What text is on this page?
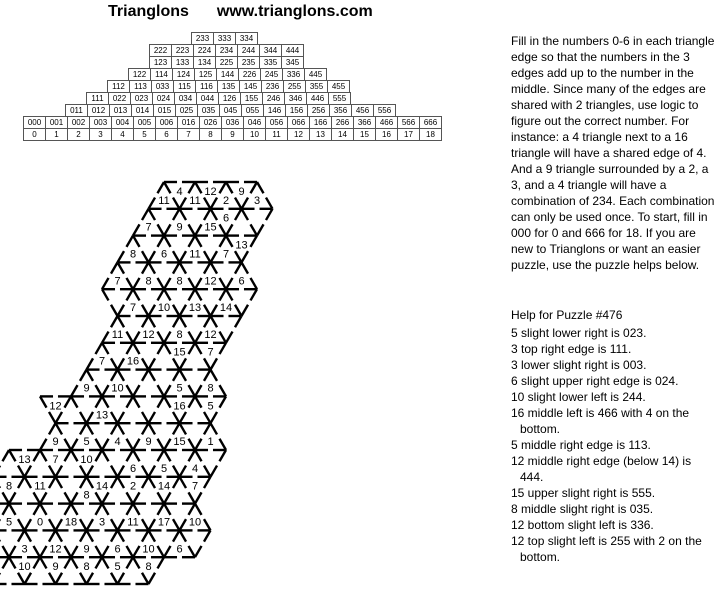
Trianglons www.trianglons.com
233	333	334
222	223	224	234	244	344	444
123	133	134	225	235	335	345
122	114	124	125	144	226	245	336	445
112	113	033	115	116	135	145	236	255	355	455
111	022	023	024	034	044	126	155	246	346	446	555
011	012	013	014	015	025	035	045	055	146	156	256	356	456	556
000	001	002	003	004	005	006	016	026	036	046	056	066	166	266	366	466	566	666
0	1	2	3	4	5	6	7	8	9	10	11	12	13	14	15	16	17	18
Fill in the numbers 0-6 in each triangle edge so that the numbers in the 3 edges add up to the number in the middle. Since many of the edges are shared with 2 triangles, use logic to figure out the correct number. For instance: a 4 triangle next to a 16 triangle will have a shared edge of 4. And a 9 triangle surrounded by a 2, a 3, and a 4 triangle will have a combination of 234. Each combination can only be used once. To start, fill in 000 for 0 and 666 for 18. If you are new to Trianglons or want an easier puzzle, use the puzzle helps below.
Help for Puzzle #476
5 slight lower right is 023.
3 top right edge is 111.
3 lower slight right is 003.
6 slight upper right edge is 024.
10 slight lower left is 244.
16 middle left is 466 with 4 on the bottom.
5 middle right edge is 113.
12 middle right edge (below 14) is 444.
15 upper slight right is 555.
8 middle slight right is 035.
12 bottom slight left is 336.
12 top slight left is 255 with 2 on the bottom.
11 11
4 12 9
2 3
7 9 15
6
8 6 11 7
13
7 8 8 12 6
7 10 13 14
11 12 8 12
7 16
15 7
9 10	5 8
12
13
16 5
9 5 4 9 15 1
13 7 10
6 5 4
8 11
8
14 2 14 7
5 0 18 3 11 17 10
3 12 9 6 10 6
10 9 8 5 8
